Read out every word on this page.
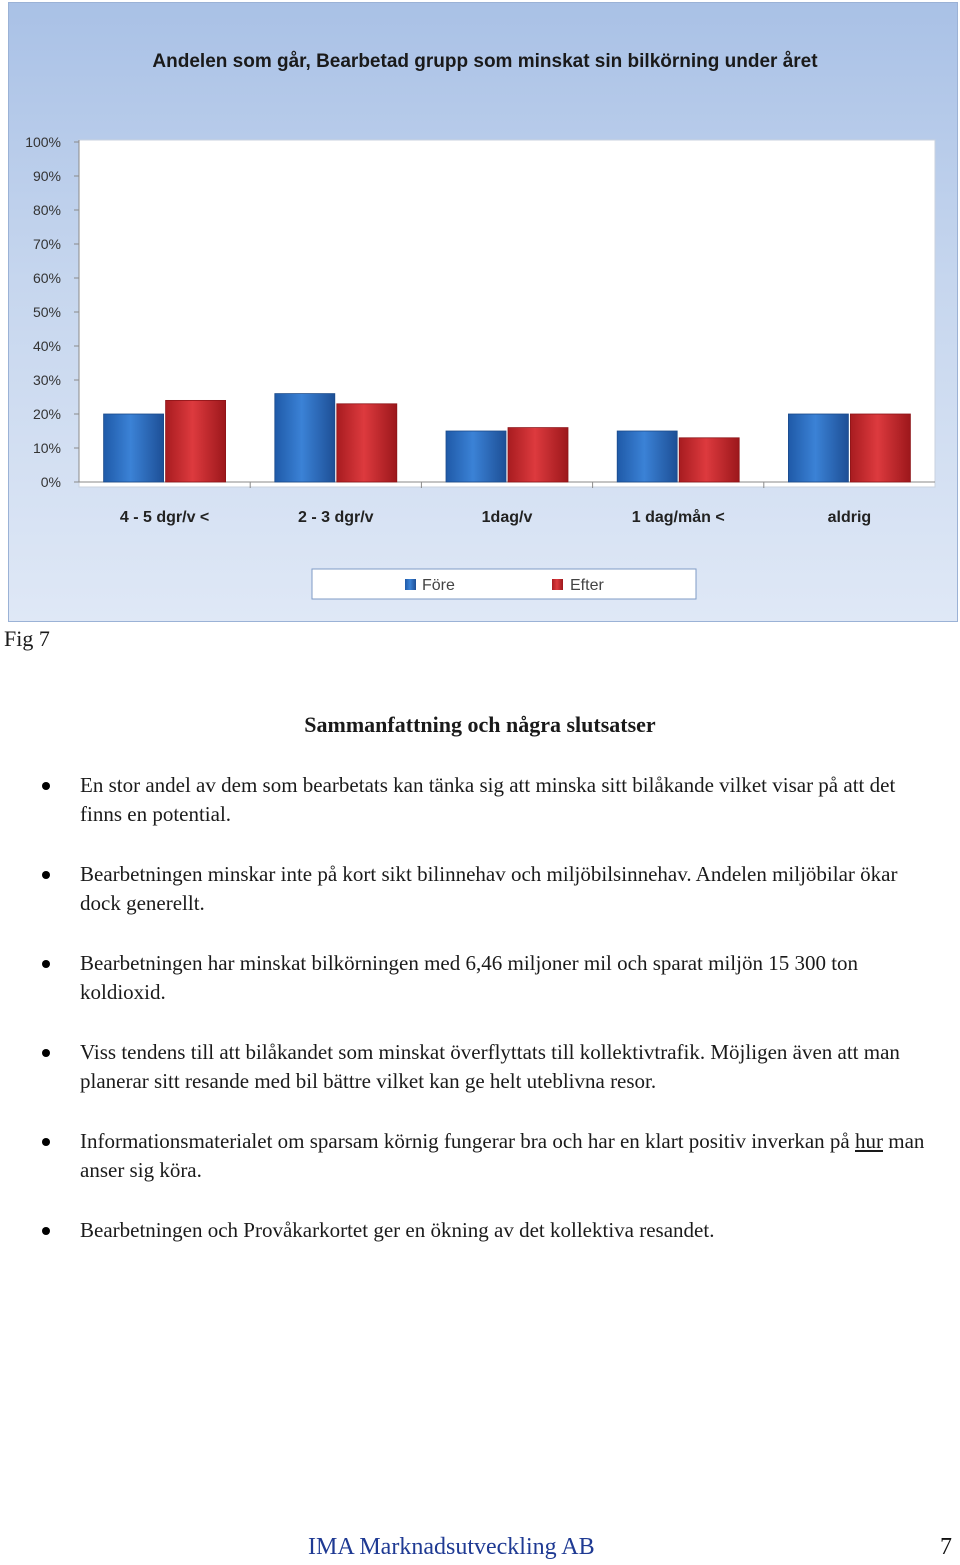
Andelen som går, Bearbetad grupp som minskat sin bilkörning under året
0%
10%
20%
30%
40%
50%
60%
70%
80%
90%
100%
4 - 5 dgr/v <	2 - 3 dgr/v	1dag/v	1 dag/mån <	aldrig
Före	Efter
Fig 7
Sammanfattning och några slutsatser
En stor andel av dem som bearbetats kan tänka sig att minska sitt bilåkande vilket visar på att det finns en potential.
Bearbetningen minskar inte på kort sikt bilinnehav och miljöbilsinnehav. Andelen miljöbilar ökar dock generellt.
Bearbetningen har minskat bilkörningen med 6,46 miljoner mil och sparat miljön 15 300 ton koldioxid.
Viss tendens till att bilåkandet som minskat överflyttats till kollektivtrafik. Möjligen även att man planerar sitt resande med bil bättre vilket kan ge helt uteblivna resor.
Informationsmaterialet om sparsam körnig fungerar bra och har en klart positiv inverkan på hur man anser sig köra.
Bearbetningen och Provåkarkortet ger en ökning av det kollektiva resandet.
IMA Marknadsutveckling AB	7
